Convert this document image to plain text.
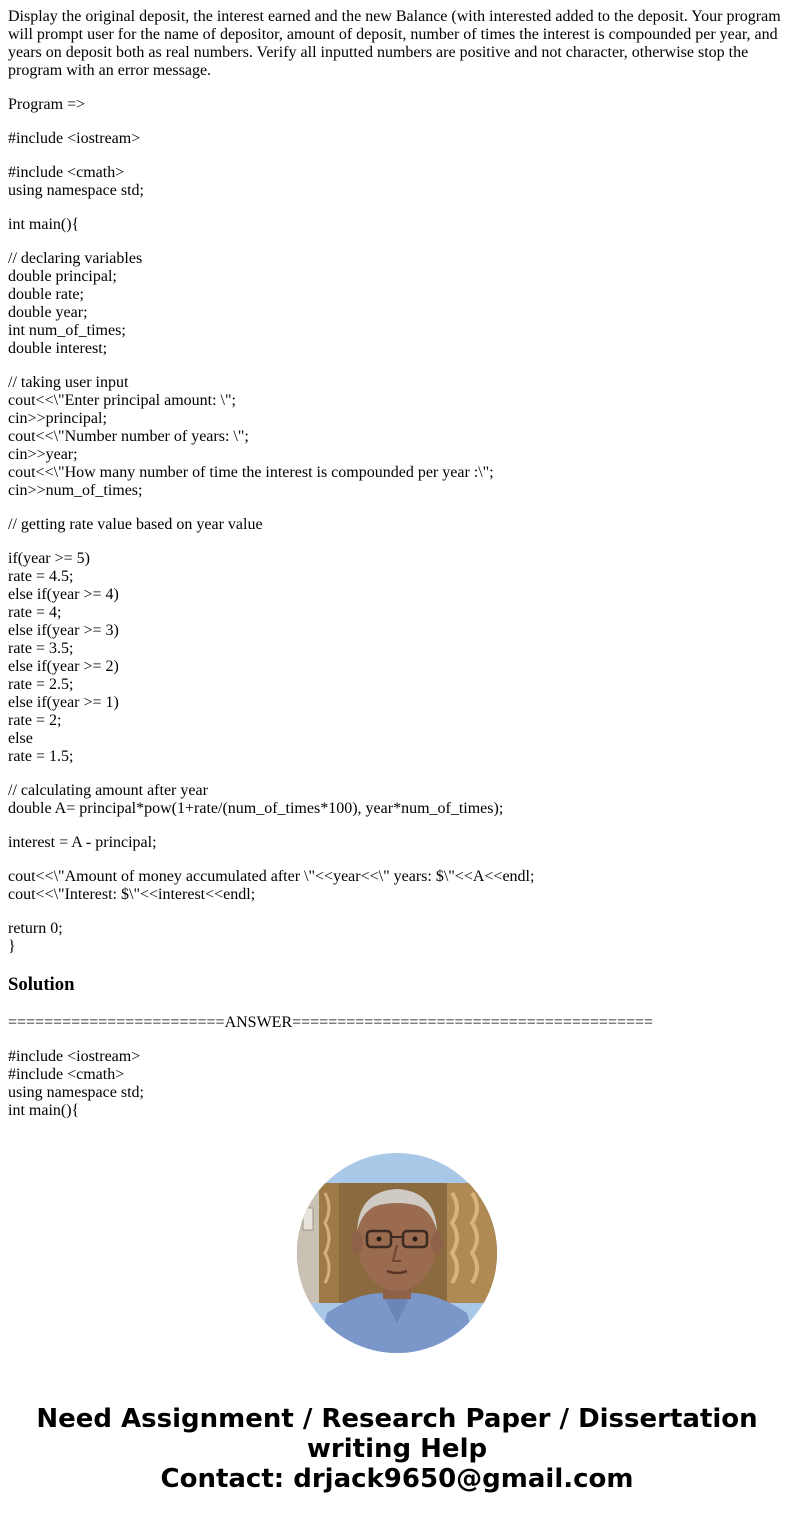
Display the original deposit, the interest earned and the new Balance (with interested added to the deposit. Your program will prompt user for the name of depositor, amount of deposit, number of times the interest is compounded per year, and years on deposit both as real numbers. Verify all inputted numbers are positive and not character, otherwise stop the program with an error message.

Program =>

#include <iostream>

#include <cmath>
using namespace std;

int main(){

// declaring variables
double principal;
double rate;
double year;
int num_of_times;
double interest;
// taking user input
cout<<\"Enter principal amount: \";
cin>>principal;
cout<<\"Number number of years: \";
cin>>year;
cout<<\"How many number of time the interest is compounded per year :\";
cin>>num_of_times;

// getting rate value based on year value

if(year >= 5)
rate = 4.5;
else if(year >= 4)
rate = 4;
else if(year >= 3)
rate = 3.5;
else if(year >= 2)
rate = 2.5;
else if(year >= 1)
rate = 2;
else
rate = 1.5;
// calculating amount after year
double A= principal*pow(1+rate/(num_of_times*100), year*num_of_times);

interest = A - principal;

cout<<\"Amount of money accumulated after \"<<year<<\" years: $\"<<A<<endl;
cout<<\"Interest: $\"<<interest<<endl;
return 0;
}
Solution
========================ANSWER========================================
#include <iostream>
#include <cmath>
using namespace std;
int main(){
Need Assignment / Research Paper / Dissertation
writing Help
Contact: drjack9650@gmail.com
